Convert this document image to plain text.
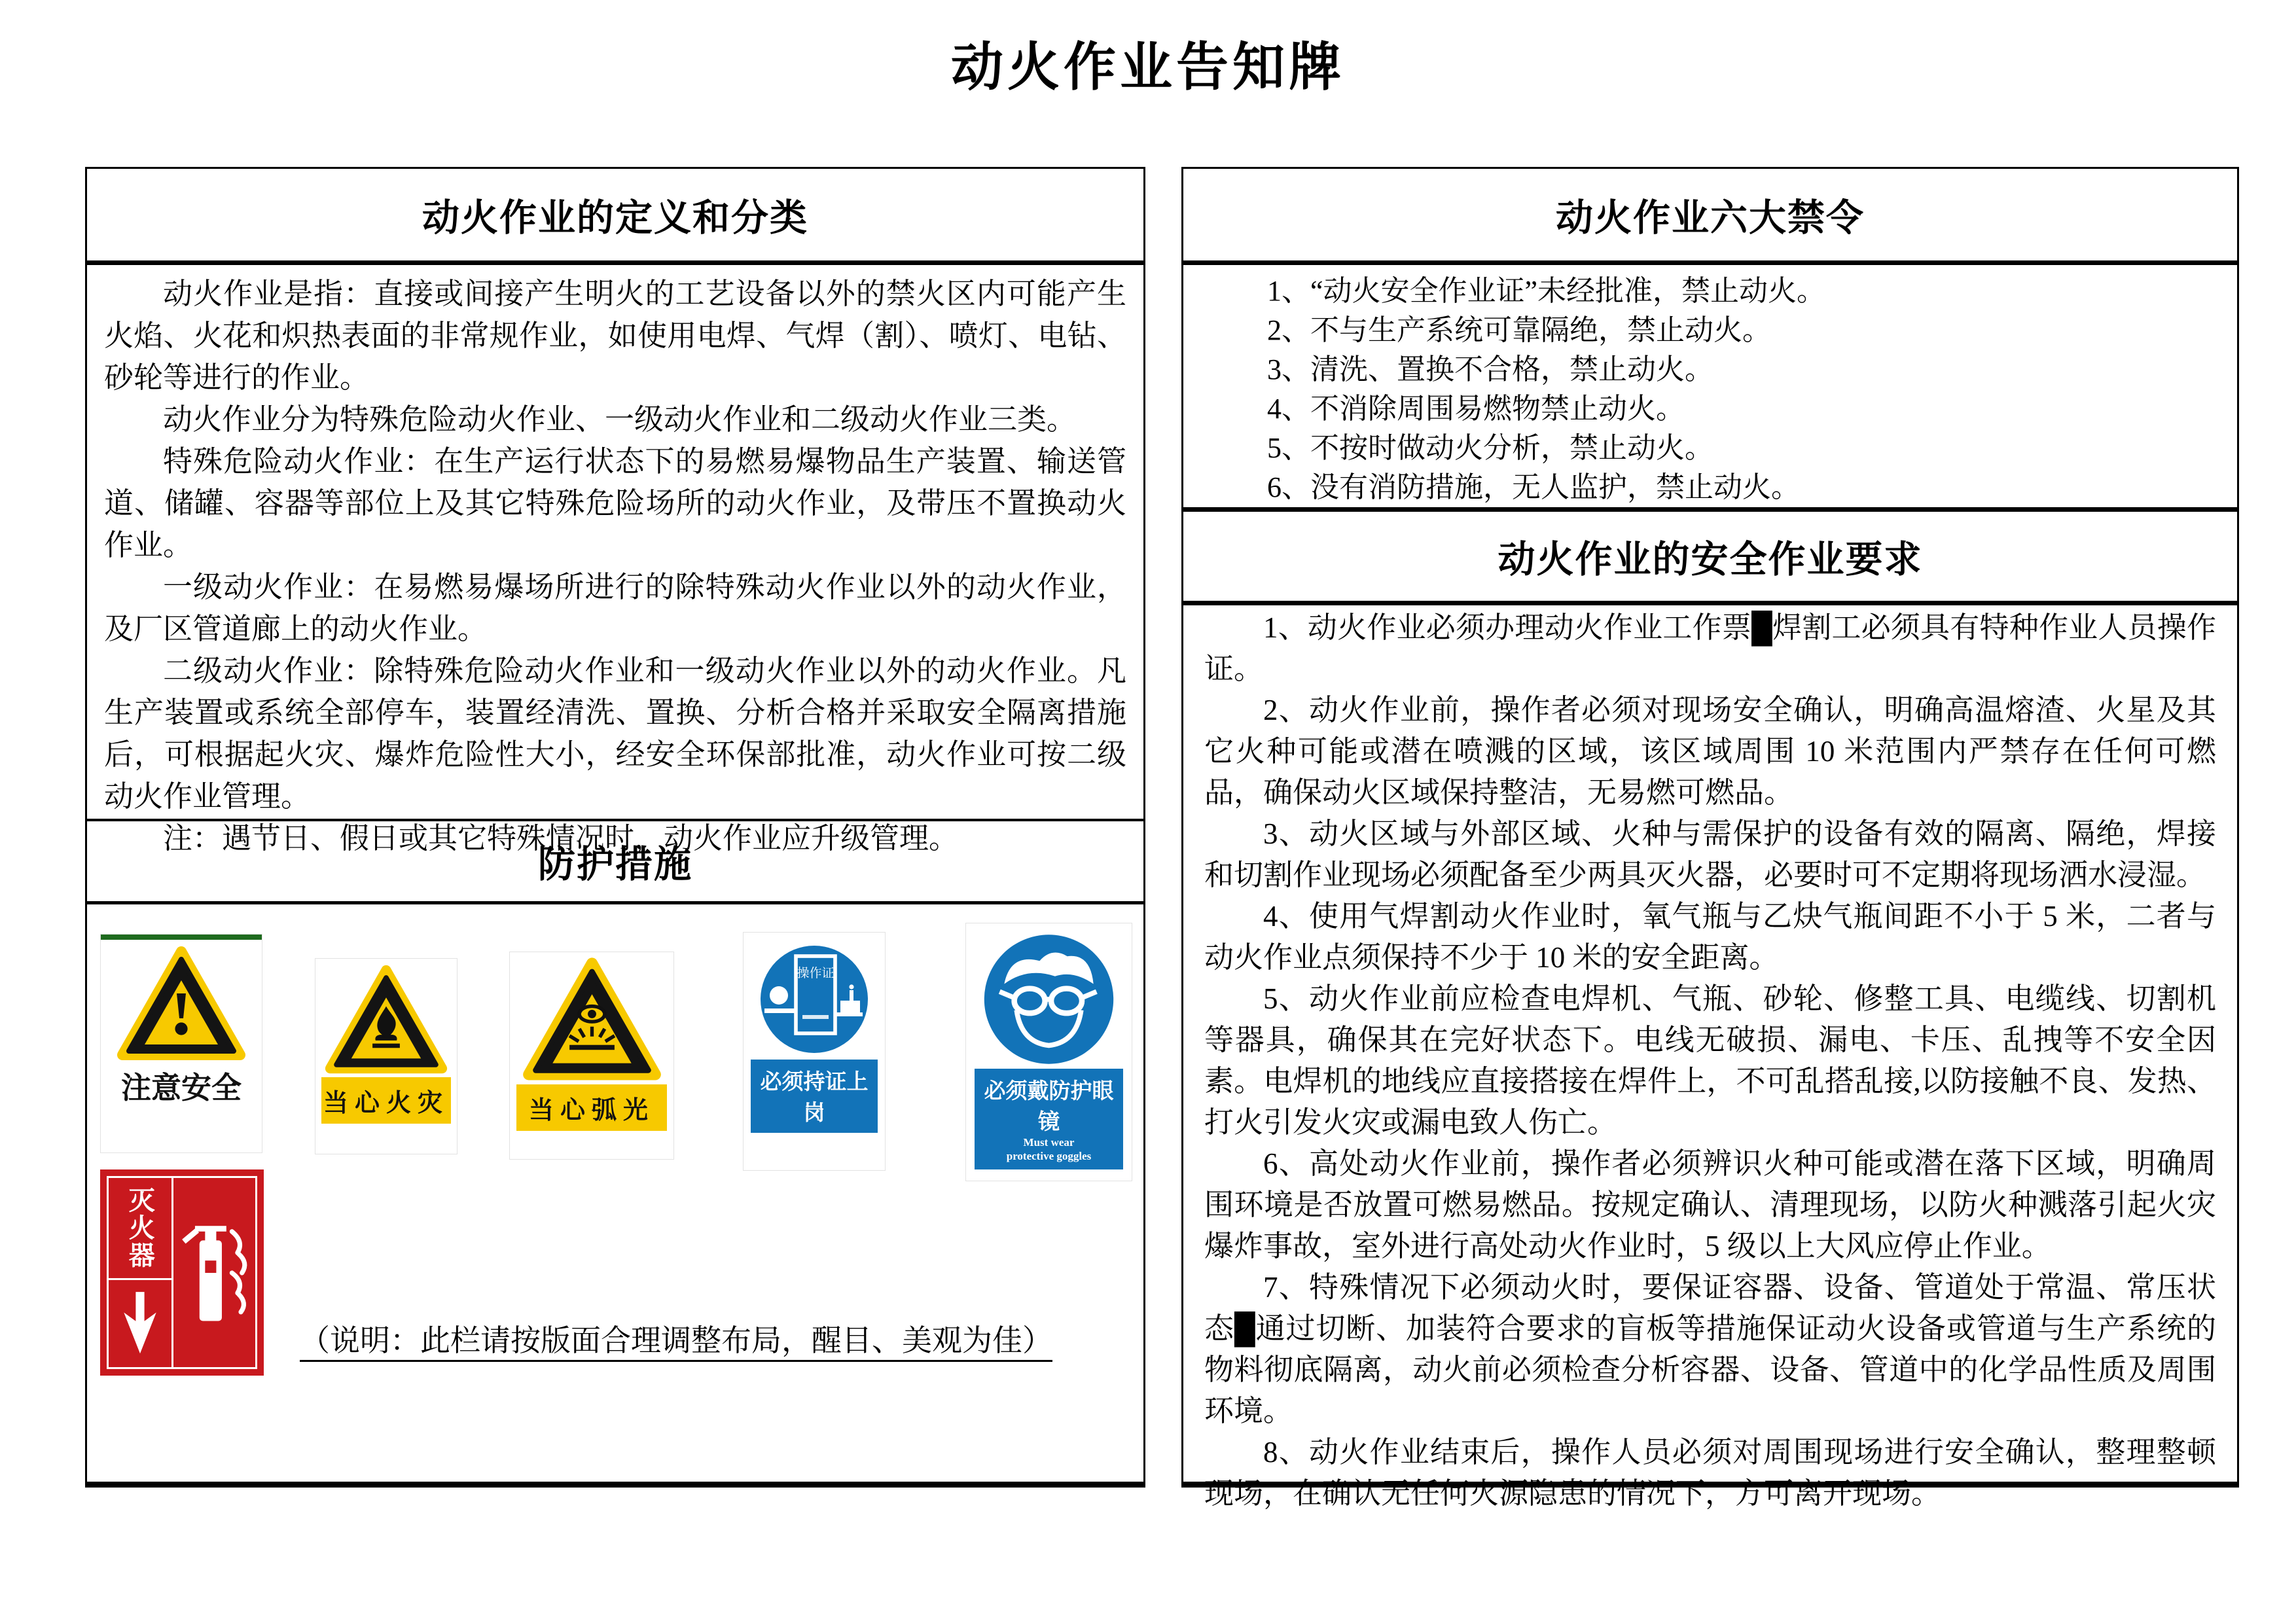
动火作业告知牌
动火作业的定义和分类

动火作业是指：直接或间接产生明火的工艺设备以外的禁火区内可能产生火焰、火花和炽热表面的非常规作业，如使用电焊、气焊（割）、喷灯、电钻、砂轮等进行的作业。

动火作业分为特殊危险动火作业、一级动火作业和二级动火作业三类。

特殊危险动火作业：在生产运行状态下的易燃易爆物品生产装置、输送管道、储罐、容器等部位上及其它特殊危险场所的动火作业，及带压不置换动火作业。

一级动火作业：在易燃易爆场所进行的除特殊动火作业以外的动火作业，及厂区管道廊上的动火作业。

二级动火作业：除特殊危险动火作业和一级动火作业以外的动火作业。凡生产装置或系统全部停车，装置经清洗、置换、分析合格并采取安全隔离措施后，可根据起火灾、爆炸危险性大小，经安全环保部批准，动火作业可按二级动火作业管理。

注：遇节日、假日或其它特殊情况时，动火作业应升级管理。

防护措施
注意安全	当心火灾	当心弧光
操作证
必须持证上岗
必须戴防护眼镜
Must wear
protective goggles
灭火器
（说明：此栏请按版面合理调整布局，醒目、美观为佳）
动火作业六大禁令

1、“动火安全作业证”未经批准，禁止动火。

2、不与生产系统可靠隔绝，禁止动火。

3、清洗、置换不合格，禁止动火。

4、不消除周围易燃物禁止动火。

5、不按时做动火分析，禁止动火。

6、没有消防措施，无人监护，禁止动火。

动火作业的安全作业要求

1、动火作业必须办理动火作业工作票█焊割工必须具有特种作业人员操作证。

2、动火作业前，操作者必须对现场安全确认，明确高温熔渣、火星及其它火种可能或潜在喷溅的区域，该区域周围 10 米范围内严禁存在任何可燃品，确保动火区域保持整洁，无易燃可燃品。

3、动火区域与外部区域、火种与需保护的设备有效的隔离、隔绝，焊接和切割作业现场必须配备至少两具灭火器，必要时可不定期将现场洒水浸湿。

4、使用气焊割动火作业时，氧气瓶与乙炔气瓶间距不小于 5 米，二者与动火作业点须保持不少于 10 米的安全距离。

5、动火作业前应检查电焊机、气瓶、砂轮、修整工具、电缆线、切割机等器具，确保其在完好状态下。电线无破损、漏电、卡压、乱拽等不安全因素。电焊机的地线应直接搭接在焊件上，不可乱搭乱接,以防接触不良、发热、打火引发火灾或漏电致人伤亡。

6、高处动火作业前，操作者必须辨识火种可能或潜在落下区域，明确周围环境是否放置可燃易燃品。按规定确认、清理现场，以防火种溅落引起火灾爆炸事故，室外进行高处动火作业时，5 级以上大风应停止作业。

7、特殊情况下必须动火时，要保证容器、设备、管道处于常温、常压状态█通过切断、加装符合要求的盲板等措施保证动火设备或管道与生产系统的物料彻底隔离，动火前必须检查分析容器、设备、管道中的化学品性质及周围环境。

8、动火作业结束后，操作人员必须对周围现场进行安全确认，整理整顿现场，在确认无任何火源隐患的情况下，方可离开现场。
